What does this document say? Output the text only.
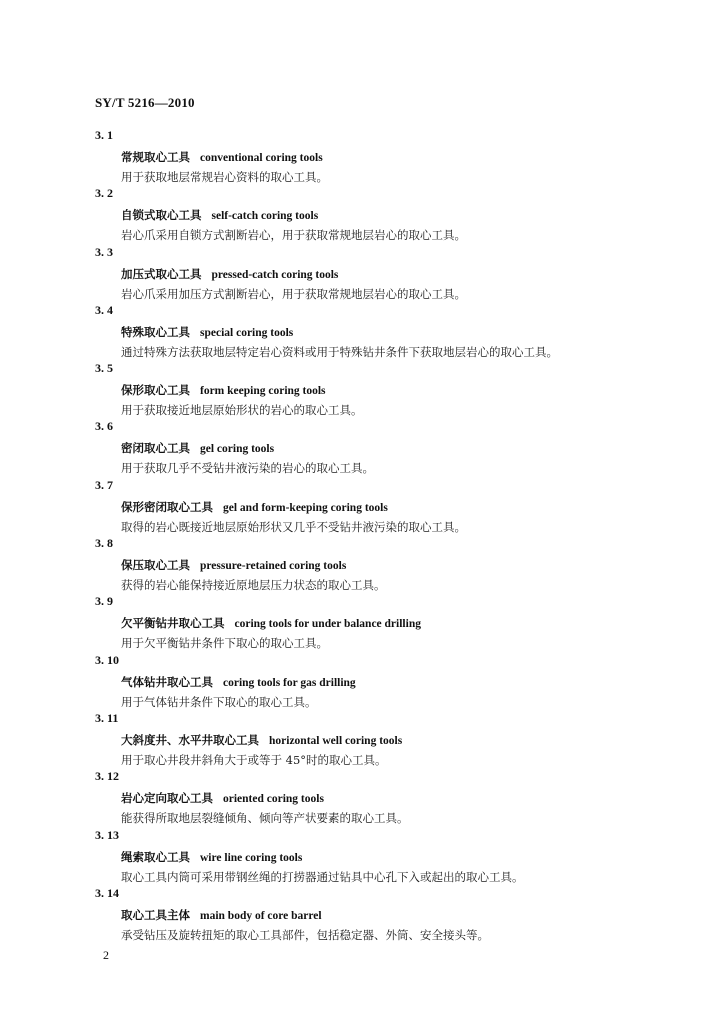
SY/T 5216—2010
3. 1
常规取心工具 conventional coring tools
用于获取地层常规岩心资料的取心工具。
3. 2
自锁式取心工具 self-catch coring tools
岩心爪采用自锁方式割断岩心，用于获取常规地层岩心的取心工具。
3. 3
加压式取心工具 pressed-catch coring tools
岩心爪采用加压方式割断岩心，用于获取常规地层岩心的取心工具。
3. 4
特殊取心工具 special coring tools
通过特殊方法获取地层特定岩心资料或用于特殊钻井条件下获取地层岩心的取心工具。
3. 5
保形取心工具 form keeping coring tools
用于获取接近地层原始形状的岩心的取心工具。
3. 6
密闭取心工具 gel coring tools
用于获取几乎不受钻井液污染的岩心的取心工具。
3. 7
保形密闭取心工具 gel and form-keeping coring tools
取得的岩心既接近地层原始形状又几乎不受钻井液污染的取心工具。
3. 8
保压取心工具 pressure-retained coring tools
获得的岩心能保持接近原地层压力状态的取心工具。
3. 9
欠平衡钻井取心工具 coring tools for under balance drilling
用于欠平衡钻井条件下取心的取心工具。
3. 10
气体钻井取心工具 coring tools for gas drilling
用于气体钻井条件下取心的取心工具。
3. 11
大斜度井、水平井取心工具 horizontal well coring tools
用于取心井段井斜角大于或等于 45°时的取心工具。
3. 12
岩心定向取心工具 oriented coring tools
能获得所取地层裂缝倾角、倾向等产状要素的取心工具。
3. 13
绳索取心工具 wire line coring tools
取心工具内筒可采用带钢丝绳的打捞器通过钻具中心孔下入或起出的取心工具。
3. 14
取心工具主体 main body of core barrel
承受钻压及旋转扭矩的取心工具部件，包括稳定器、外筒、安全接头等。
2
